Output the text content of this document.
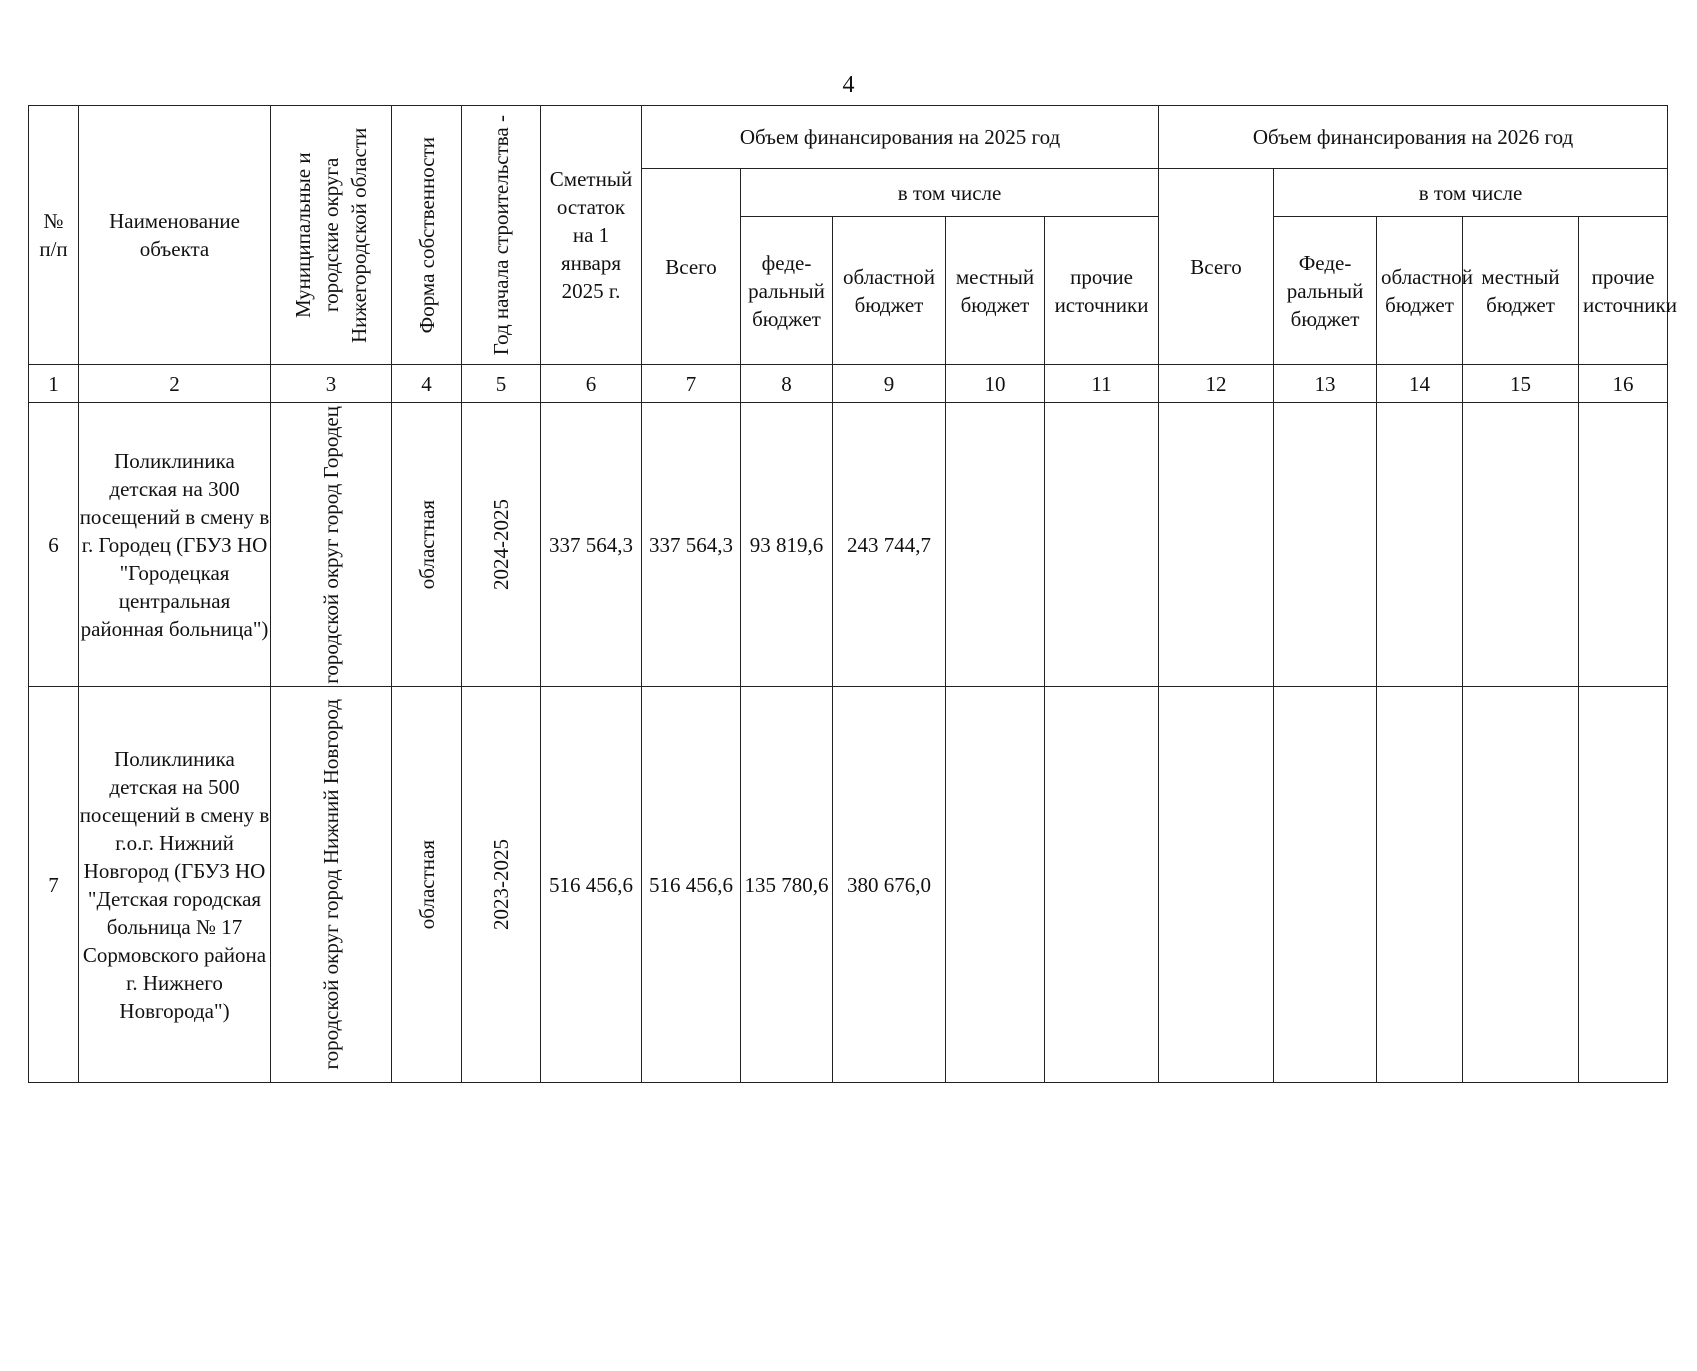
4
№ п/п	Наименование объекта	Муниципальные и городские округа Нижегородской области	Форма собственности	Год начала строительства -	Сметный остаток на 1 января 2025 г.	Объем финансирования на 2025 год					Объем финансирования на 2026 год				

						Всего	в том числе				Всего	в том числе			

							феде-ральный бюджет	областной бюджет	местный бюджет	прочие источники		Феде-ральный бюджет	областной бюджет	местный бюджет	прочие источники

1	2	3	4	5	6	7	8	9	10	11	12	13	14	15	16
6	Поликлиника детская на 300 посещений в смену в г. Городец (ГБУЗ НО "Городецкая центральная районная больница")	городской округ город Городец	областная	2024-2025	337 564,3	337 564,3	93 819,6	243 744,7							
7	Поликлиника детская на 500 посещений в смену в г.о.г. Нижний Новгород (ГБУЗ НО "Детская городская больница № 17 Сормовского района г. Нижнего Новгорода")	городской округ город Нижний Новгород	областная	2023-2025	516 456,6	516 456,6	135 780,6	380 676,0							
